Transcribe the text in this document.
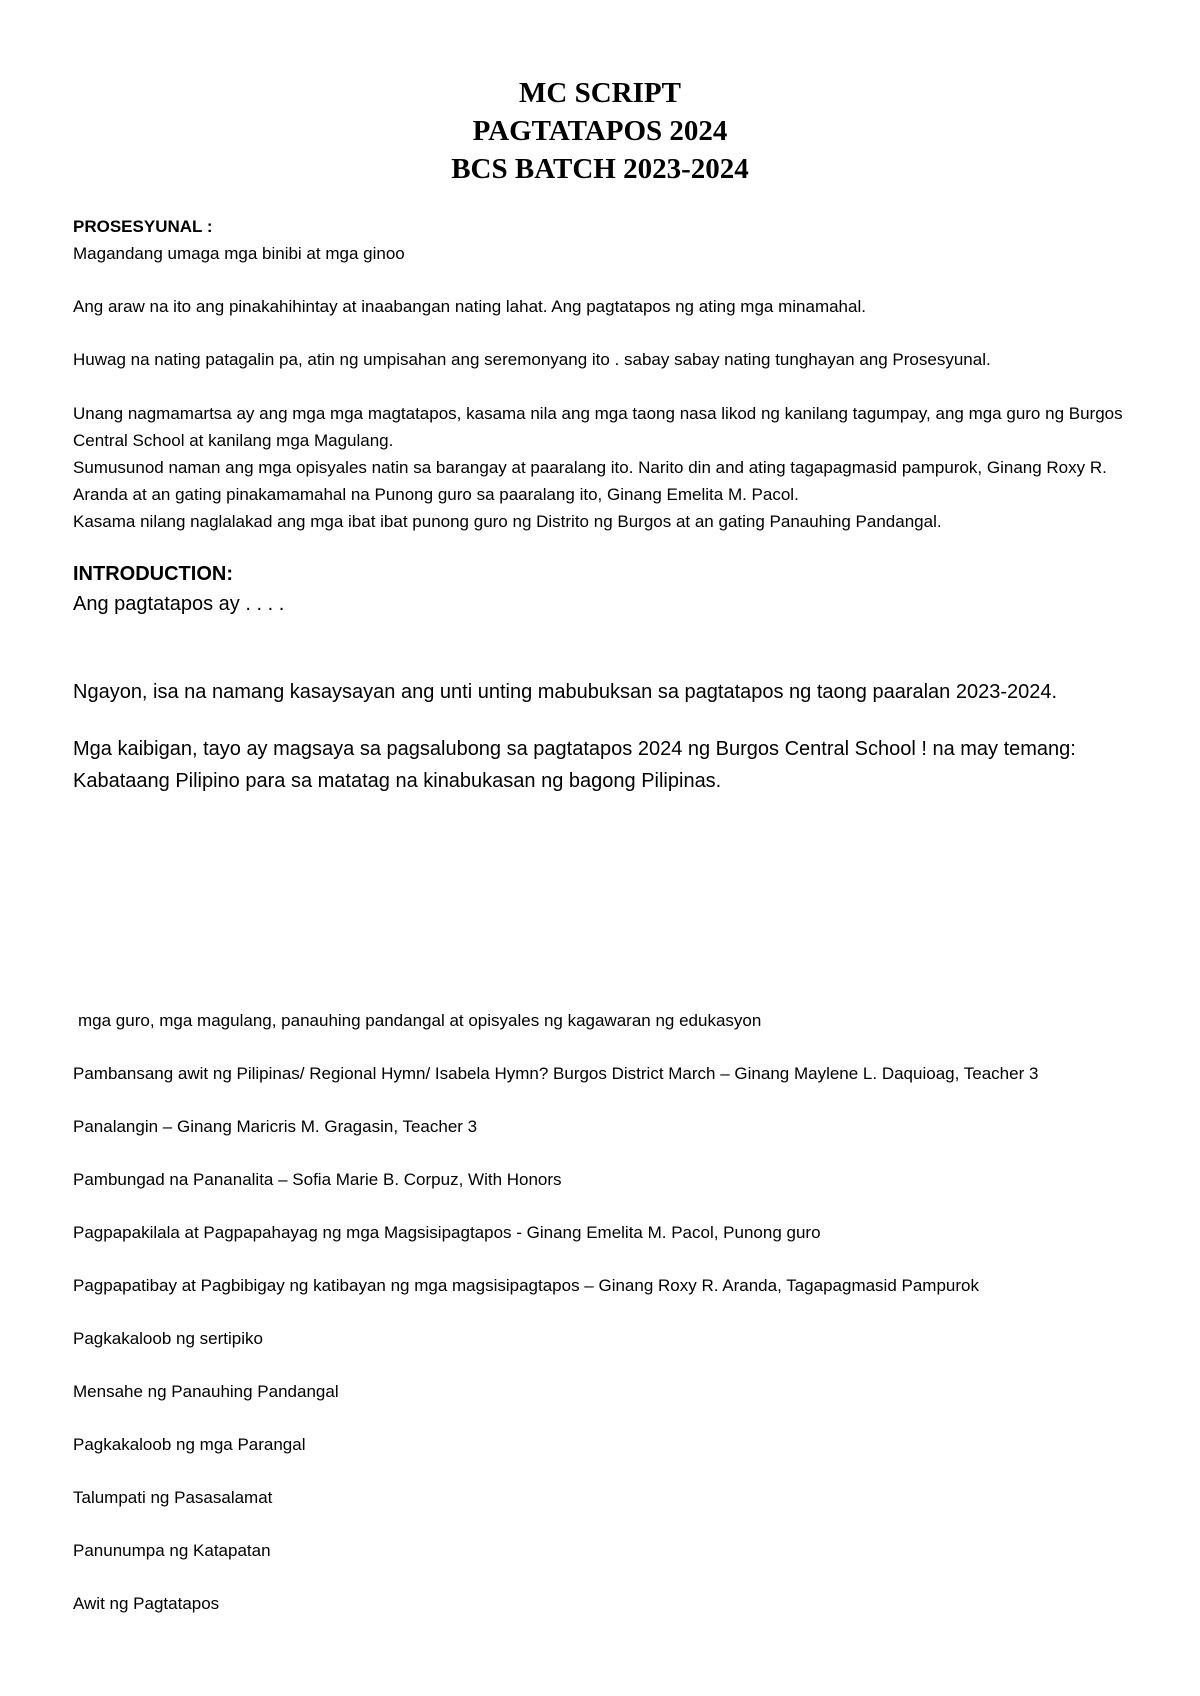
MC SCRIPT
PAGTATAPOS 2024
BCS BATCH 2023-2024

PROSESYUNAL :

Magandang umaga mga binibi at mga ginoo

Ang araw na ito ang pinakahihintay at inaabangan nating lahat. Ang pagtatapos ng ating mga minamahal.

Huwag na nating patagalin pa, atin ng umpisahan ang seremonyang ito . sabay sabay nating tunghayan ang Prosesyunal.

Unang nagmamartsa ay ang mga mga magtatapos, kasama nila ang mga taong nasa likod ng kanilang tagumpay, ang mga guro ng Burgos Central School at kanilang mga Magulang.

Sumusunod naman ang mga opisyales natin sa barangay at paaralang ito. Narito din and ating tagapagmasid pampurok, Ginang Roxy R. Aranda at an gating pinakamamahal na Punong guro sa paaralang ito, Ginang Emelita M. Pacol.

Kasama nilang naglalakad ang mga ibat ibat punong guro ng Distrito ng Burgos at an gating Panauhing Pandangal.

INTRODUCTION:

Ang pagtatapos ay . . . .

Ngayon, isa na namang kasaysayan ang unti unting mabubuksan sa pagtatapos ng taong paaralan 2023-2024.

Mga kaibigan, tayo ay magsaya sa pagsalubong sa pagtatapos 2024 ng Burgos Central School ! na may temang: Kabataang Pilipino para sa matatag na kinabukasan ng bagong Pilipinas.

mga guro, mga magulang, panauhing pandangal at opisyales ng kagawaran ng edukasyon

Pambansang awit ng Pilipinas/ Regional Hymn/ Isabela Hymn? Burgos District March – Ginang Maylene L. Daquioag, Teacher 3

Panalangin – Ginang Maricris M. Gragasin, Teacher 3

Pambungad na Pananalita – Sofia Marie B. Corpuz, With Honors

Pagpapakilala at Pagpapahayag ng mga Magsisipagtapos - Ginang Emelita M. Pacol, Punong guro

Pagpapatibay at Pagbibigay ng katibayan ng mga magsisipagtapos – Ginang Roxy R. Aranda, Tagapagmasid Pampurok

Pagkakaloob ng sertipiko

Mensahe ng Panauhing Pandangal

Pagkakaloob ng mga Parangal

Talumpati ng Pasasalamat

Panunumpa ng Katapatan

Awit ng Pagtatapos
